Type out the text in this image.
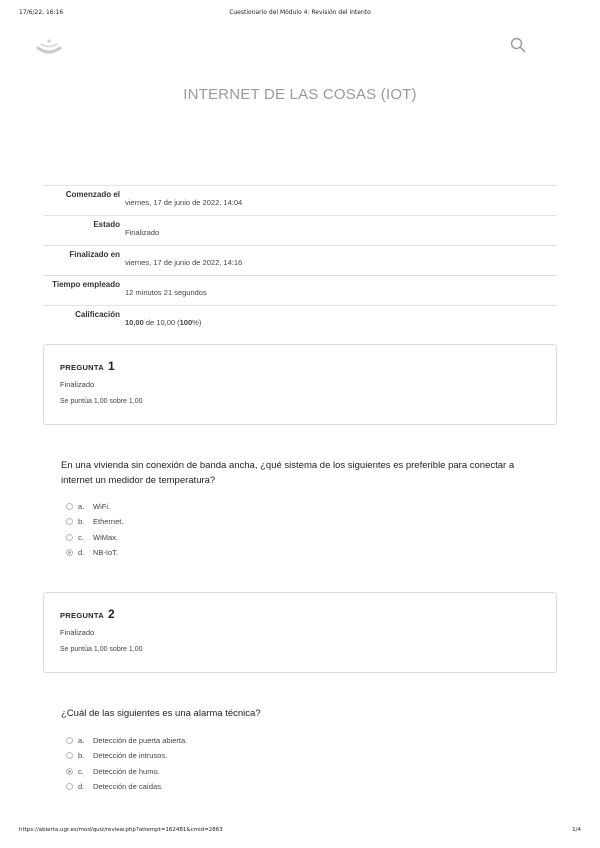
17/6/22, 16:16	Cuestionario del Módulo 4: Revisión del intento
INTERNET DE LAS COSAS (IOT)
Comenzado el
viernes, 17 de junio de 2022, 14:04
Estado
Finalizado
Finalizado en
viernes, 17 de junio de 2022, 14:16
Tiempo empleado
12 minutos 21 segundos
Calificación
10,00 de 10,00 (100%)
PREGUNTA 1
Finalizado
Se puntúa 1,00 sobre 1,00
En una vivienda sin conexión de banda ancha, ¿qué sistema de los siguientes es preferible para conectar a internet un medidor de temperatura?
a.	WiFi.
b.	Ethernet.
c.	WiMax.
d.	NB-IoT.
PREGUNTA 2
Finalizado
Se puntúa 1,00 sobre 1,00
¿Cuál de las siguientes es una alarma técnica?
a.	Detección de puerta abierta.
b.	Detección de intrusos.
c.	Detección de humo.
d.	Detección de caídas.
https://abierta.ugr.es/mod/quiz/review.php?attempt=162481&cmid=2863	1/4
